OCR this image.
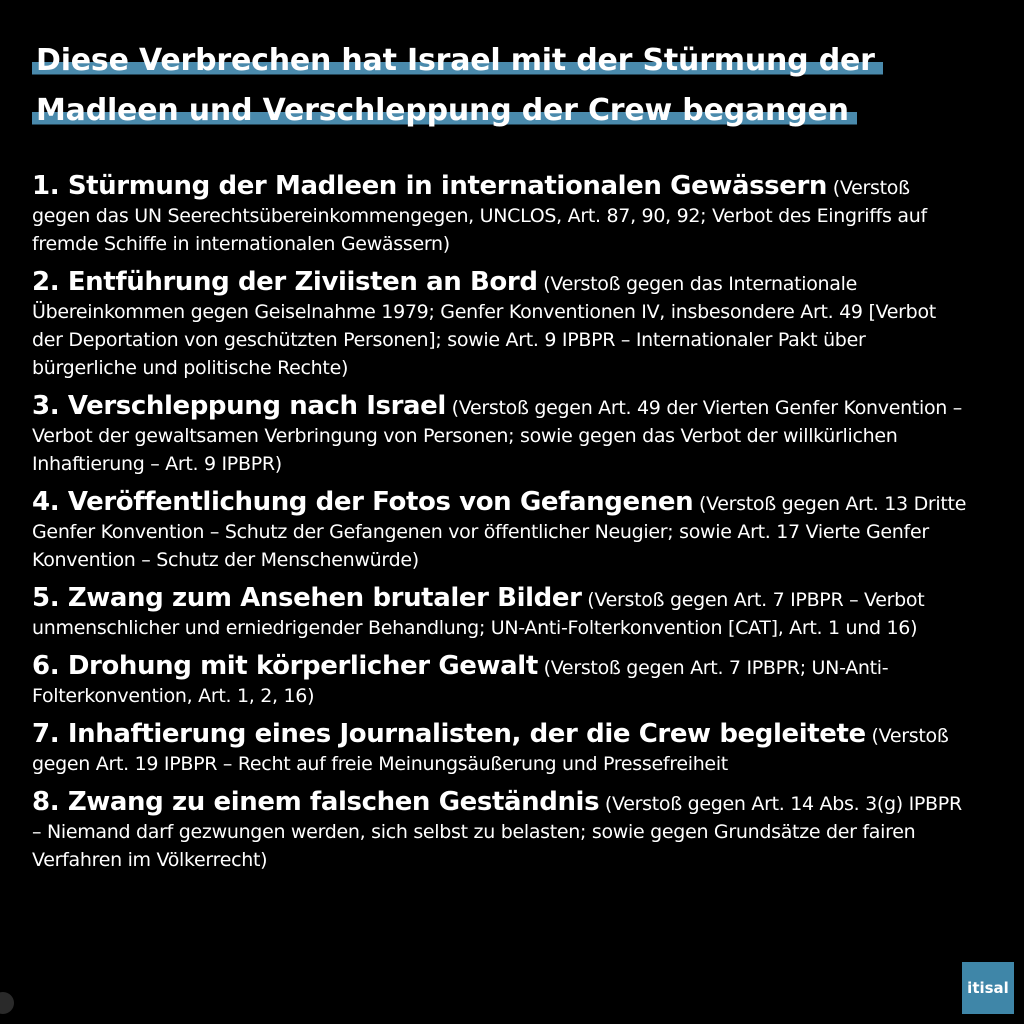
Diese Verbrechen hat Israel mit der Stürmung der
Madleen und Verschleppung der Crew begangen
1. Stürmung der Madleen in internationalen Gewässern (Verstoß gegen das UN Seerechtsübereinkommengegen, UNCLOS, Art. 87, 90, 92; Verbot des Eingriffs auf fremde Schiffe in internationalen Gewässern)
2. Entführung der Ziviisten an Bord (Verstoß gegen das Internationale Übereinkommen gegen Geiselnahme 1979; Genfer Konventionen IV, insbesondere Art. 49 [Verbot der Deportation von geschützten Personen]; sowie Art. 9 IPBPR – Internationaler Pakt über bürgerliche und politische Rechte)
3. Verschleppung nach Israel (Verstoß gegen Art. 49 der Vierten Genfer Konvention – Verbot der gewaltsamen Verbringung von Personen; sowie gegen das Verbot der willkürlichen Inhaftierung – Art. 9 IPBPR)
4. Veröffentlichung der Fotos von Gefangenen (Verstoß gegen Art. 13 Dritte Genfer Konvention – Schutz der Gefangenen vor öffentlicher Neugier; sowie Art. 17 Vierte Genfer Konvention – Schutz der Menschenwürde)
5. Zwang zum Ansehen brutaler Bilder (Verstoß gegen Art. 7 IPBPR – Verbot unmenschlicher und erniedrigender Behandlung; UN-Anti-Folterkonvention [CAT], Art. 1 und 16)
6. Drohung mit körperlicher Gewalt (Verstoß gegen Art. 7 IPBPR; UN-Anti-Folterkonvention, Art. 1, 2, 16)
7. Inhaftierung eines Journalisten, der die Crew begleitete (Verstoß gegen Art. 19 IPBPR – Recht auf freie Meinungsäußerung und Pressefreiheit
8. Zwang zu einem falschen Geständnis (Verstoß gegen Art. 14 Abs. 3(g) IPBPR – Niemand darf gezwungen werden, sich selbst zu belasten; sowie gegen Grundsätze der fairen Verfahren im Völkerrecht)
itisal
